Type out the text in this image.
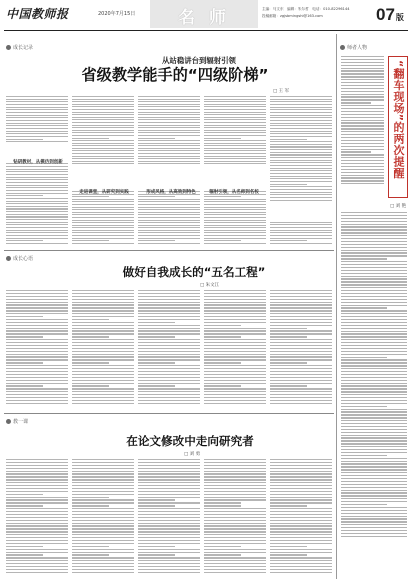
中国教师报	2020年7月15日	名 师	主编：马文东　编辑：朱尔哲　电话：010-82296144
投稿邮箱：zgjsbmingshi@163.com	07 版
成长记录
从站稳讲台到辐射引领
省级教学能手的“四级阶梯”
□ 王 军
钻研教材，从模仿到创新
走进课堂，从研究到实践	形成风格，从高效到特色	辐射引领，从名师到名校
成长心语
做好自我成长的“五名工程”
□ 朱文江
教一课
在论文修改中走向研究者
□ 刘 勇
师者人物
“翻车现场”的两次提醒
□ 刘 艳
